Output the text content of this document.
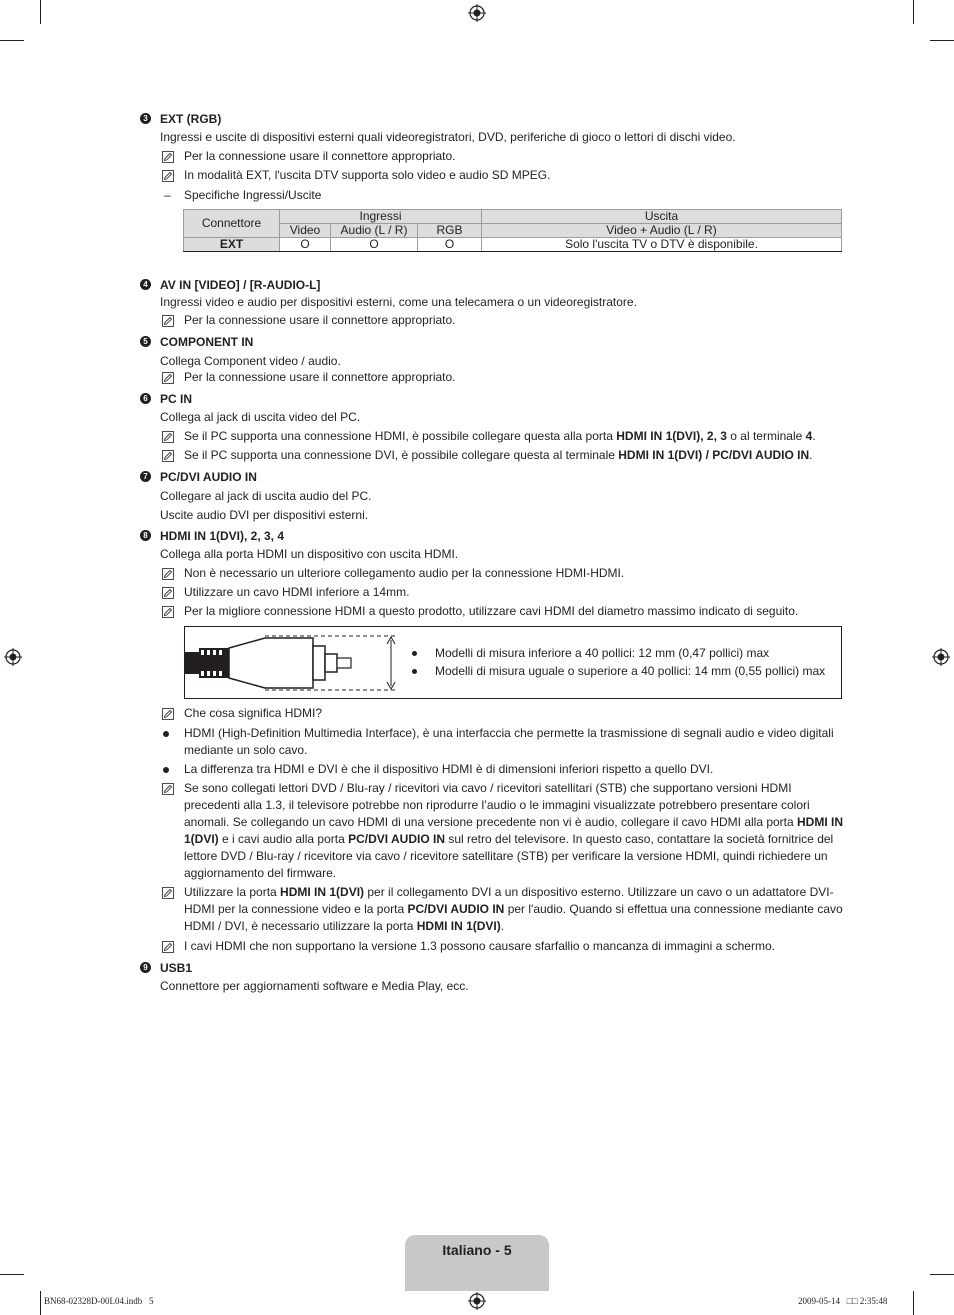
3 EXT (RGB)
Ingressi e uscite di dispositivi esterni quali videoregistratori, DVD, periferiche di gioco o lettori di dischi video.
Per la connessione usare il connettore appropriato.
In modalità EXT, l'uscita DTV supporta solo video e audio SD MPEG.
– Specifiche Ingressi/Uscite
Connettore	Ingressi			Uscita
	Video	Audio (L / R)	RGB	Video + Audio (L / R)
EXT	O	O	O	Solo l'uscita TV o DTV è disponibile.
4 AV IN [VIDEO] / [R-AUDIO-L]
Ingressi video e audio per dispositivi esterni, come una telecamera o un videoregistratore.
Per la connessione usare il connettore appropriato.
5 COMPONENT IN
Collega Component video / audio.
Per la connessione usare il connettore appropriato.
6 PC IN
Collega al jack di uscita video del PC.
Se il PC supporta una connessione HDMI, è possibile collegare questa alla porta HDMI IN 1(DVI), 2, 3 o al terminale 4.
Se il PC supporta una connessione DVI, è possibile collegare questa al terminale HDMI IN 1(DVI) / PC/DVI AUDIO IN.
7 PC/DVI AUDIO IN
Collegare al jack di uscita audio del PC.
Uscite audio DVI per dispositivi esterni.
8 HDMI IN 1(DVI), 2, 3, 4
Collega alla porta HDMI un dispositivo con uscita HDMI.
Non è necessario un ulteriore collegamento audio per la connessione HDMI-HDMI.
Utilizzare un cavo HDMI inferiore a 14mm.
Per la migliore connessione HDMI a questo prodotto, utilizzare cavi HDMI del diametro massimo indicato di seguito.
Modelli di misura inferiore a 40 pollici: 12 mm (0,47 pollici) max
Modelli di misura uguale o superiore a 40 pollici: 14 mm (0,55 pollici) max
Che cosa significa HDMI?
HDMI (High-Definition Multimedia Interface), è una interfaccia che permette la trasmissione di segnali audio e video digitali mediante un solo cavo.
La differenza tra HDMI e DVI è che il dispositivo HDMI è di dimensioni inferiori rispetto a quello DVI.
Se sono collegati lettori DVD / Blu-ray / ricevitori via cavo / ricevitori satellitari (STB) che supportano versioni HDMI precedenti alla 1.3, il televisore potrebbe non riprodurre l’audio o le immagini visualizzate potrebbero presentare colori anomali. Se collegando un cavo HDMI di una versione precedente non vi è audio, collegare il cavo HDMI alla porta HDMI IN 1(DVI) e i cavi audio alla porta PC/DVI AUDIO IN sul retro del televisore. In questo caso, contattare la società fornitrice del lettore DVD / Blu-ray / ricevitore via cavo / ricevitore satellitare (STB) per verificare la versione HDMI, quindi richiedere un aggiornamento del firmware.
Utilizzare la porta HDMI IN 1(DVI) per il collegamento DVI a un dispositivo esterno. Utilizzare un cavo o un adattatore DVI-HDMI per la connessione video e la porta PC/DVI AUDIO IN per l'audio. Quando si effettua una connessione mediante cavo HDMI / DVI, è necessario utilizzare la porta HDMI IN 1(DVI).
I cavi HDMI che non supportano la versione 1.3 possono causare sfarfallio o mancanza di immagini a schermo.
9 USB1
Connettore per aggiornamenti software e Media Play, ecc.
Italiano - 5
BN68-02328D-00L04.indb   5	2009-05-14   □□ 2:35:48
